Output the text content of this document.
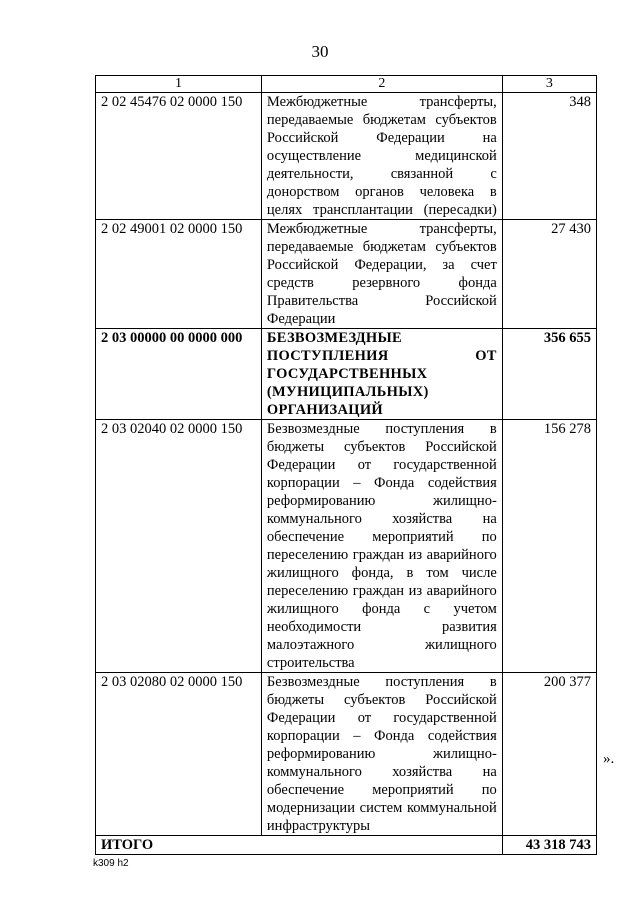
30
1	2	3
2 02 45476 02 0000 150	Межбюджетные трансферты, передаваемые бюджетам субъектов Российской Федерации на осуществление медицинской деятельности, связанной с донорством органов человека в целях трансплантации (пересадки)	348
2 02 49001 02 0000 150	Межбюджетные трансферты, передаваемые бюджетам субъектов Российской Федерации, за счет средств резервного фонда Правительства Российской Федерации	27 430
2 03 00000 00 0000 000	БЕЗВОЗМЕЗДНЫЕ ПОСТУПЛЕНИЯ ОТ ГОСУДАРСТВЕННЫХ (МУНИЦИПАЛЬНЫХ) ОРГАНИЗАЦИЙ	356 655
2 03 02040 02 0000 150	Безвозмездные поступления в бюджеты субъектов Российской Федерации от государственной корпорации – Фонда содействия реформированию жилищно-коммунального хозяйства на обеспечение мероприятий по переселению граждан из аварийного жилищного фонда, в том числе переселению граждан из аварийного жилищного фонда с учетом необходимости развития малоэтажного жилищного строительства	156 278
2 03 02080 02 0000 150	Безвозмездные поступления в бюджеты субъектов Российской Федерации от государственной корпорации – Фонда содействия реформированию жилищно-коммунального хозяйства на обеспечение мероприятий по модернизации систем коммунальной инфраструктуры	200 377
ИТОГО		43 318 743
».
k309 h2
